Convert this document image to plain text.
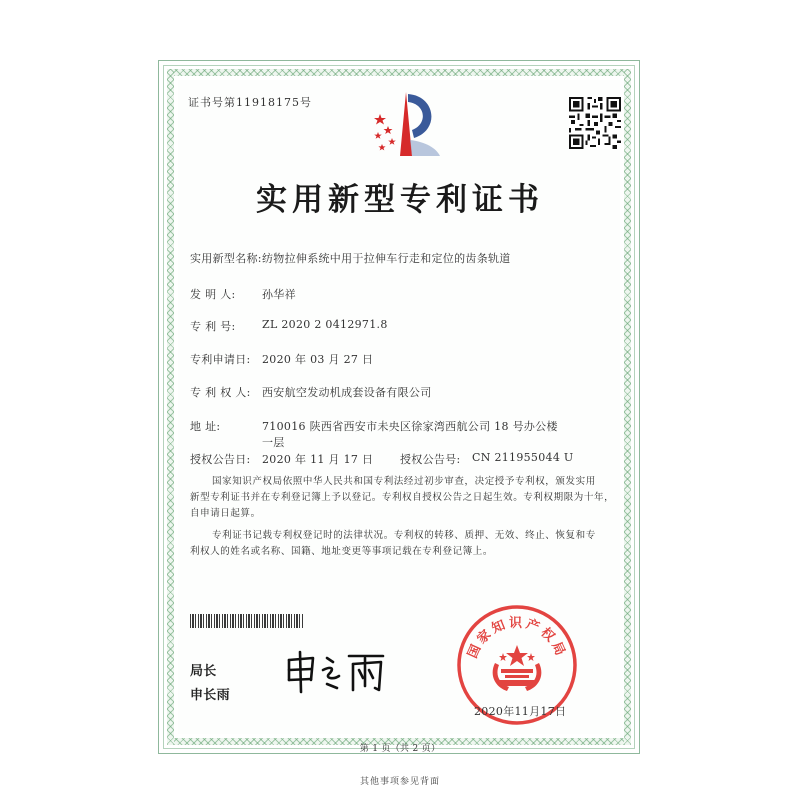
证书号第11918175号
实用新型专利证书
实用新型名称: 纺物拉伸系统中用于拉伸车行走和定位的齿条轨道
发 明 人: 孙华祥
专 利 号: ZL 2020 2 0412971.8
专利申请日: 2020 年 03 月 27 日
专 利 权 人: 西安航空发动机成套设备有限公司
地 址:	710016 陕西省西安市未央区徐家湾西航公司 18 号办公楼
一层
授权公告日: 2020 年 11 月 17 日 授权公告号: CN 211955044 U
国家知识产权局依照中华人民共和国专利法经过初步审查，决定授予专利权，颁发实用
新型专利证书并在专利登记簿上予以登记。专利权自授权公告之日起生效。专利权期限为十年，
自申请日起算。
专利证书记载专利权登记时的法律状况。专利权的转移、质押、无效、终止、恢复和专
利权人的姓名或名称、国籍、地址变更等事项记载在专利登记簿上。
局长
申长雨
国家知识产权局
2020年11月17日
第 1 页（共 2 页）
其他事项参见背面
